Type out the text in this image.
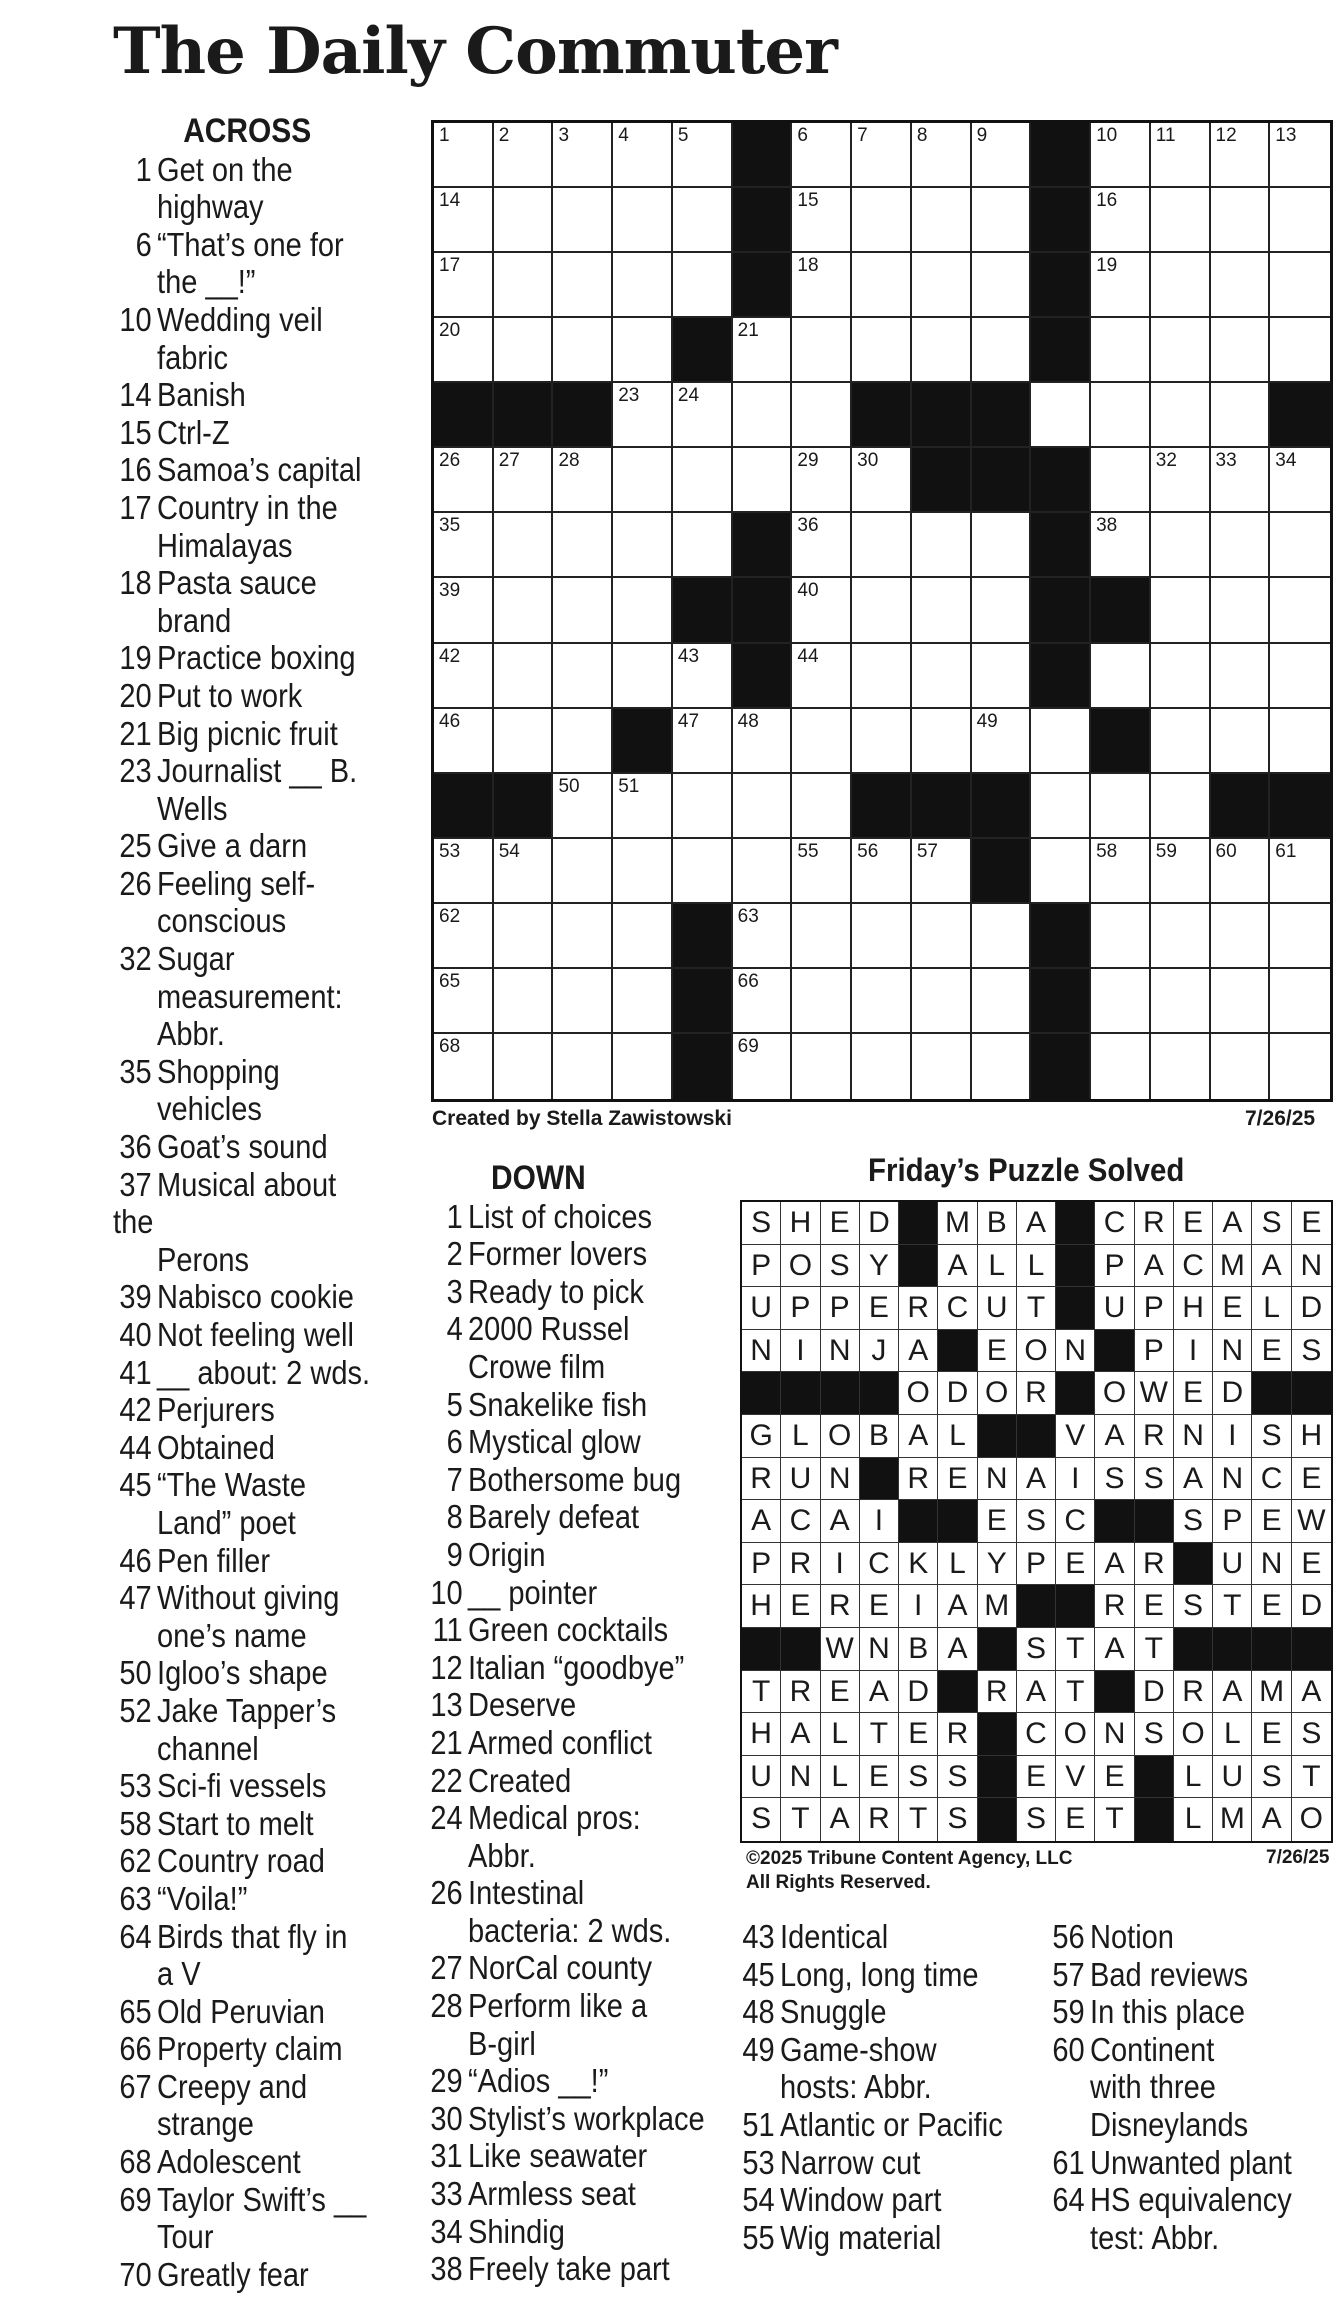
The Daily Commuter
ACROSS
1 Get on the
highway
6 “That’s one for
the __!”
10 Wedding veil
fabric
14 Banish
15 Ctrl-Z
16 Samoa’s capital
17 Country in the
Himalayas
18 Pasta sauce
brand
19 Practice boxing
20 Put to work
21 Big picnic fruit
23 Journalist __ B.
Wells
25 Give a darn
26 Feeling self-
conscious
32 Sugar
measurement:
Abbr.
35 Shopping
vehicles
36 Goat’s sound
37 Musical about the
Perons
39 Nabisco cookie
40 Not feeling well
41 __ about: 2 wds.
42 Perjurers
44 Obtained
45 “The Waste
Land” poet
46 Pen filler
47 Without giving
one’s name
50 Igloo’s shape
52 Jake Tapper’s
channel
53 Sci-fi vessels
58 Start to melt
62 Country road
63 “Voila!”
64 Birds that fly in
a V
65 Old Peruvian
66 Property claim
67 Creepy and
strange
68 Adolescent
69 Taylor Swift’s __
Tour
70 Greatly fear
1	2	3	4	5	6	7	8	9	10 11 12 13
14	15	16
17	18	19
20	21
23 24
26 27 28	29 30	32 33 34
35	36	38
39	40
42	43	44
46	47 48	49
50 51
53 54	55 56 57	58 59 60 61
62	63
65	66
68	69
Created by Stella Zawistowski	7/26/25
DOWN
1 List of choices
2 Former lovers
3 Ready to pick
4 2000 Russel
Crowe film
5 Snakelike fish
6 Mystical glow
7 Bothersome bug
8 Barely defeat
9 Origin
10 __ pointer
11 Green cocktails
12 Italian “goodbye”
13 Deserve
21 Armed conflict
22 Created
24 Medical pros:
Abbr.
26 Intestinal
bacteria: 2 wds.
27 NorCal county
28 Perform like a
B-girl
29 “Adios __!”
30 Stylist’s workplace
31 Like seawater
33 Armless seat
34 Shindig
38 Freely take part
Friday’s Puzzle Solved
S H E D	M B A	C R E A S E
P O S Y	A L L	P A C M A N
U P P E R C U T	U P H E L D
N I N J A	E O N	P I N E S
O D O R	O W E D
G L O B A L	V A R N I S H
R U N	R E N A I S S A N C E
A C A I	E S C	S P E W
P R I C K L Y P E A R	U N E
H E R E I A M	R E S T E D
W N B A	S T A T
T R E A D	R A T	D R A M A
H A L T E R	C O N S O L E S
U N L E S S	E V E	L U S T
S T A R T S	S E T	L M A O
©2025 Tribune Content Agency, LLC
All Rights Reserved.
7/26/25
43 Identical
45 Long, long time
48 Snuggle
49 Game-show
hosts: Abbr.
51 Atlantic or Pacific
53 Narrow cut
54 Window part
55 Wig material
56 Notion
57 Bad reviews
59 In this place
60 Continent
with three
Disneylands
61 Unwanted plant
64 HS equivalency
test: Abbr.
